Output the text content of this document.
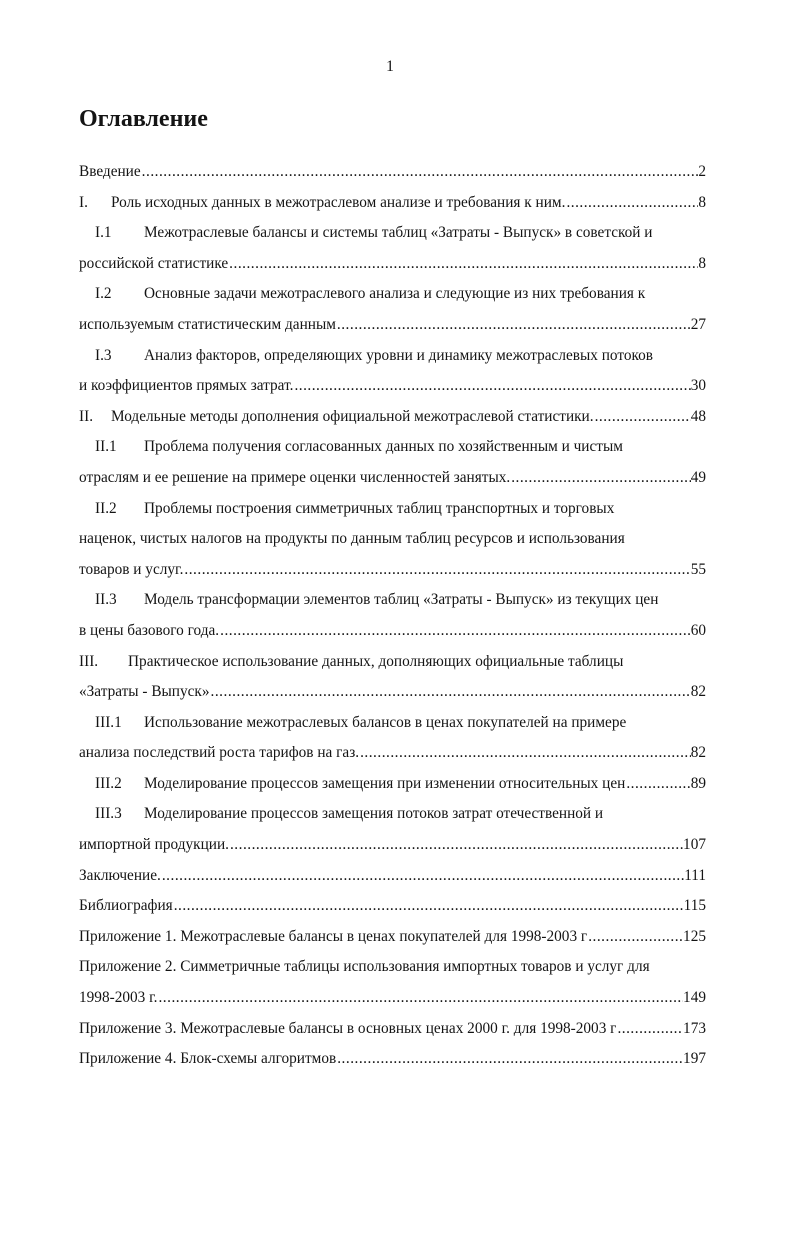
1
Оглавление
Введение .....	2
I. Роль исходных данных в межотраслевом анализе и требования к ним. .....	8
I.1 Межотраслевые балансы и системы таблиц «Затраты - Выпуск» в советской и
российской статистике .....	8
I.2 Основные задачи межотраслевого анализа и следующие из них требования к
используемым статистическим данным .....	27
I.3 Анализ факторов, определяющих уровни и динамику межотраслевых потоков
и коэффициентов прямых затрат. .....	30
II. Модельные методы дополнения официальной межотраслевой статистики. .....	48
II.1 Проблема получения согласованных данных по хозяйственным и чистым
отраслям и ее решение на примере оценки численностей занятых. .....	49
II.2 Проблемы построения симметричных таблиц транспортных и торговых
наценок, чистых налогов на продукты по данным таблиц ресурсов и использования
товаров и услуг. .....	55
II.3 Модель трансформации элементов таблиц «Затраты - Выпуск» из текущих цен
в цены базового года. .....	60
III. Практическое использование данных, дополняющих официальные таблицы
«Затраты - Выпуск» .....	82
III.1 Использование межотраслевых балансов в ценах покупателей на примере
анализа последствий роста тарифов на газ. .....	82
III.2 Моделирование процессов замещения при изменении относительных цен .....	89
III.3 Моделирование процессов замещения потоков затрат отечественной и
импортной продукции. .....	107
Заключение. .....	111
Библиография .....	115
Приложение 1. Межотраслевые балансы в ценах покупателей для 1998-2003 г .....	125
Приложение 2. Симметричные таблицы использования импортных товаров и услуг для
1998-2003 г. .....	149
Приложение 3. Межотраслевые балансы в основных ценах 2000 г. для 1998-2003 г .....	173
Приложение 4. Блок-схемы алгоритмов .....	197
